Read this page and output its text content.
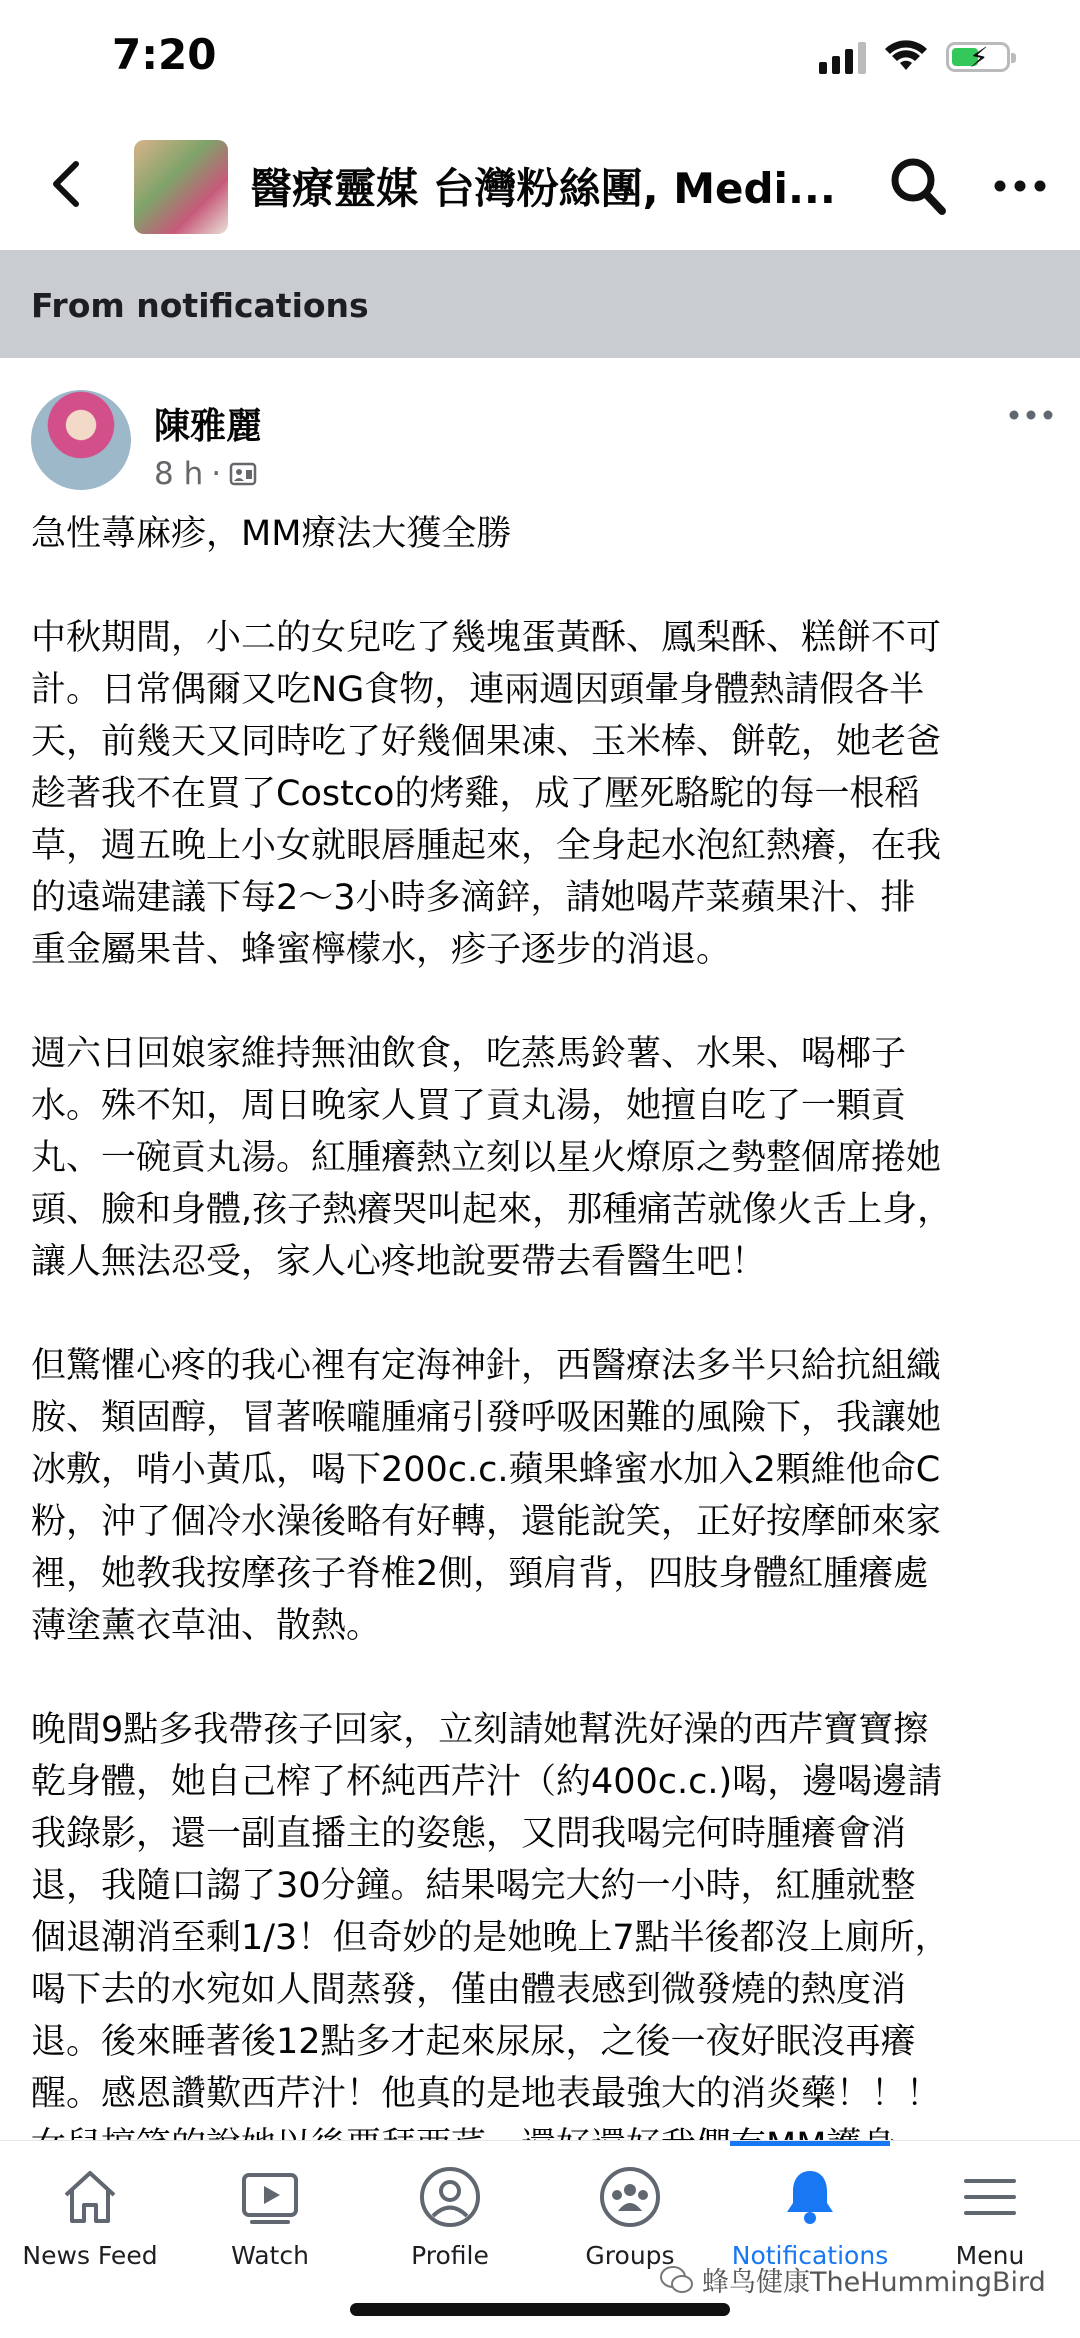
7:20	⚡
醫療靈媒 台灣粉絲團, Medi...
From notifications
陳雅麗
8 h ·

急性蕁麻疹，MM療法大獲全勝

中秋期間，小二的女兒吃了幾塊蛋黃酥、鳳梨酥、糕餅不可
計。日常偶爾又吃NG食物，連兩週因頭暈身體熱請假各半
天，前幾天又同時吃了好幾個果凍、玉米棒、餅乾，她老爸
趁著我不在買了Costco的烤雞，成了壓死駱駝的每一根稻
草，週五晚上小女就眼唇腫起來，全身起水泡紅熱癢，在我
的遠端建議下每2～3小時多滴鋅，請她喝芹菜蘋果汁、排
重金屬果昔、蜂蜜檸檬水，疹子逐步的消退。

週六日回娘家維持無油飲食，吃蒸馬鈴薯、水果、喝椰子
水。殊不知，周日晚家人買了貢丸湯，她擅自吃了一顆貢
丸、一碗貢丸湯。紅腫癢熱立刻以星火燎原之勢整個席捲她
頭、臉和身體,孩子熱癢哭叫起來，那種痛苦就像火舌上身，
讓人無法忍受，家人心疼地說要帶去看醫生吧！

但驚懼心疼的我心裡有定海神針，西醫療法多半只給抗組織
胺、類固醇，冒著喉嚨腫痛引發呼吸困難的風險下，我讓她
冰敷，啃小黃瓜，喝下200c.c.蘋果蜂蜜水加入2顆維他命C
粉，沖了個冷水澡後略有好轉，還能說笑，正好按摩師來家
裡，她教我按摩孩子脊椎2側，頸肩背，四肢身體紅腫癢處
薄塗薰衣草油、散熱。

晚間9點多我帶孩子回家，立刻請她幫洗好澡的西芹寶寶擦
乾身體，她自己榨了杯純西芹汁（約400c.c.)喝，邊喝邊請
我錄影，還一副直播主的姿態，又問我喝完何時腫癢會消
退，我隨口謅了30分鐘。結果喝完大約一小時，紅腫就整
個退潮消至剩1/3！但奇妙的是她晚上7點半後都沒上廁所，
喝下去的水宛如人間蒸發，僅由體表感到微發燒的熱度消
退。後來睡著後12點多才起來尿尿，之後一夜好眠沒再癢
醒。感恩讚歎西芹汁！他真的是地表最強大的消炎藥！！！

News Feed	Watch	Profile	Groups	Notifications	Menu
蜂鸟健康TheHummingBird
